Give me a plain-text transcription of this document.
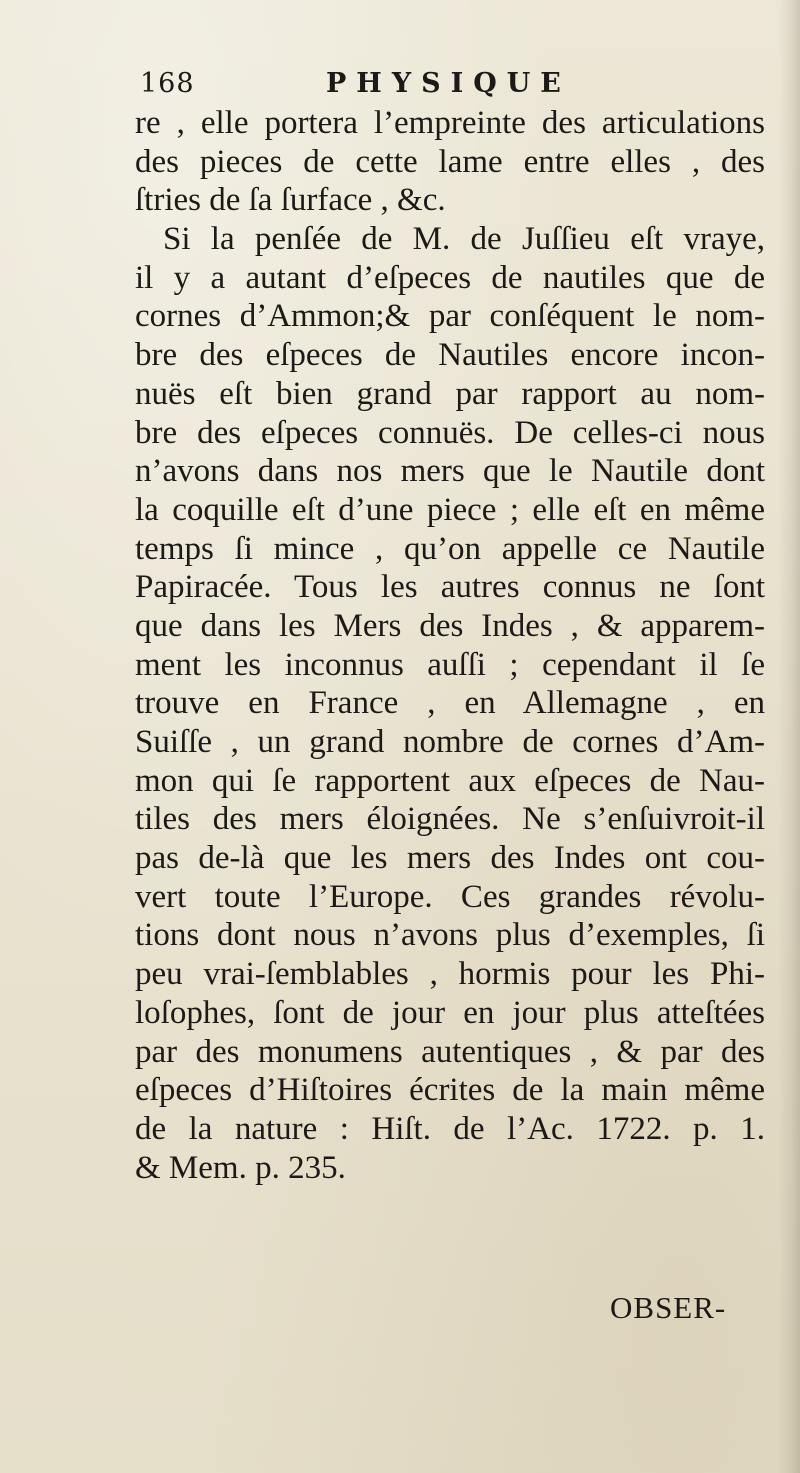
168	PHYSIQUE
re , elle portera l’empreinte des articulations
des pieces de cette lame entre elles , des
ſtries de ſa ſurface , &c.
Si la penſée de M. de Juſſieu eſt vraye,
il y a autant d’eſpeces de nautiles que de
cornes d’Ammon;& par conſéquent le nom-
bre des eſpeces de Nautiles encore incon-
nuës eſt bien grand par rapport au nom-
bre des eſpeces connuës. De celles-ci nous
n’avons dans nos mers que le Nautile dont
la coquille eſt d’une piece ; elle eſt en même
temps ſi mince , qu’on appelle ce Nautile
Papiracée. Tous les autres connus ne ſont
que dans les Mers des Indes , & apparem-
ment les inconnus auſſi ; cependant il ſe
trouve en France , en Allemagne , en
Suiſſe , un grand nombre de cornes d’Am-
mon qui ſe rapportent aux eſpeces de Nau-
tiles des mers éloignées. Ne s’enſuivroit-il
pas de-là que les mers des Indes ont cou-
vert toute l’Europe. Ces grandes révolu-
tions dont nous n’avons plus d’exemples, ſi
peu vrai-ſemblables , hormis pour les Phi-
loſophes, ſont de jour en jour plus atteſtées
par des monumens autentiques , & par des
eſpeces d’Hiſtoires écrites de la main même
de la nature : Hiſt. de l’Ac. 1722. p. 1.
& Mem. p. 235.
OBSER-
